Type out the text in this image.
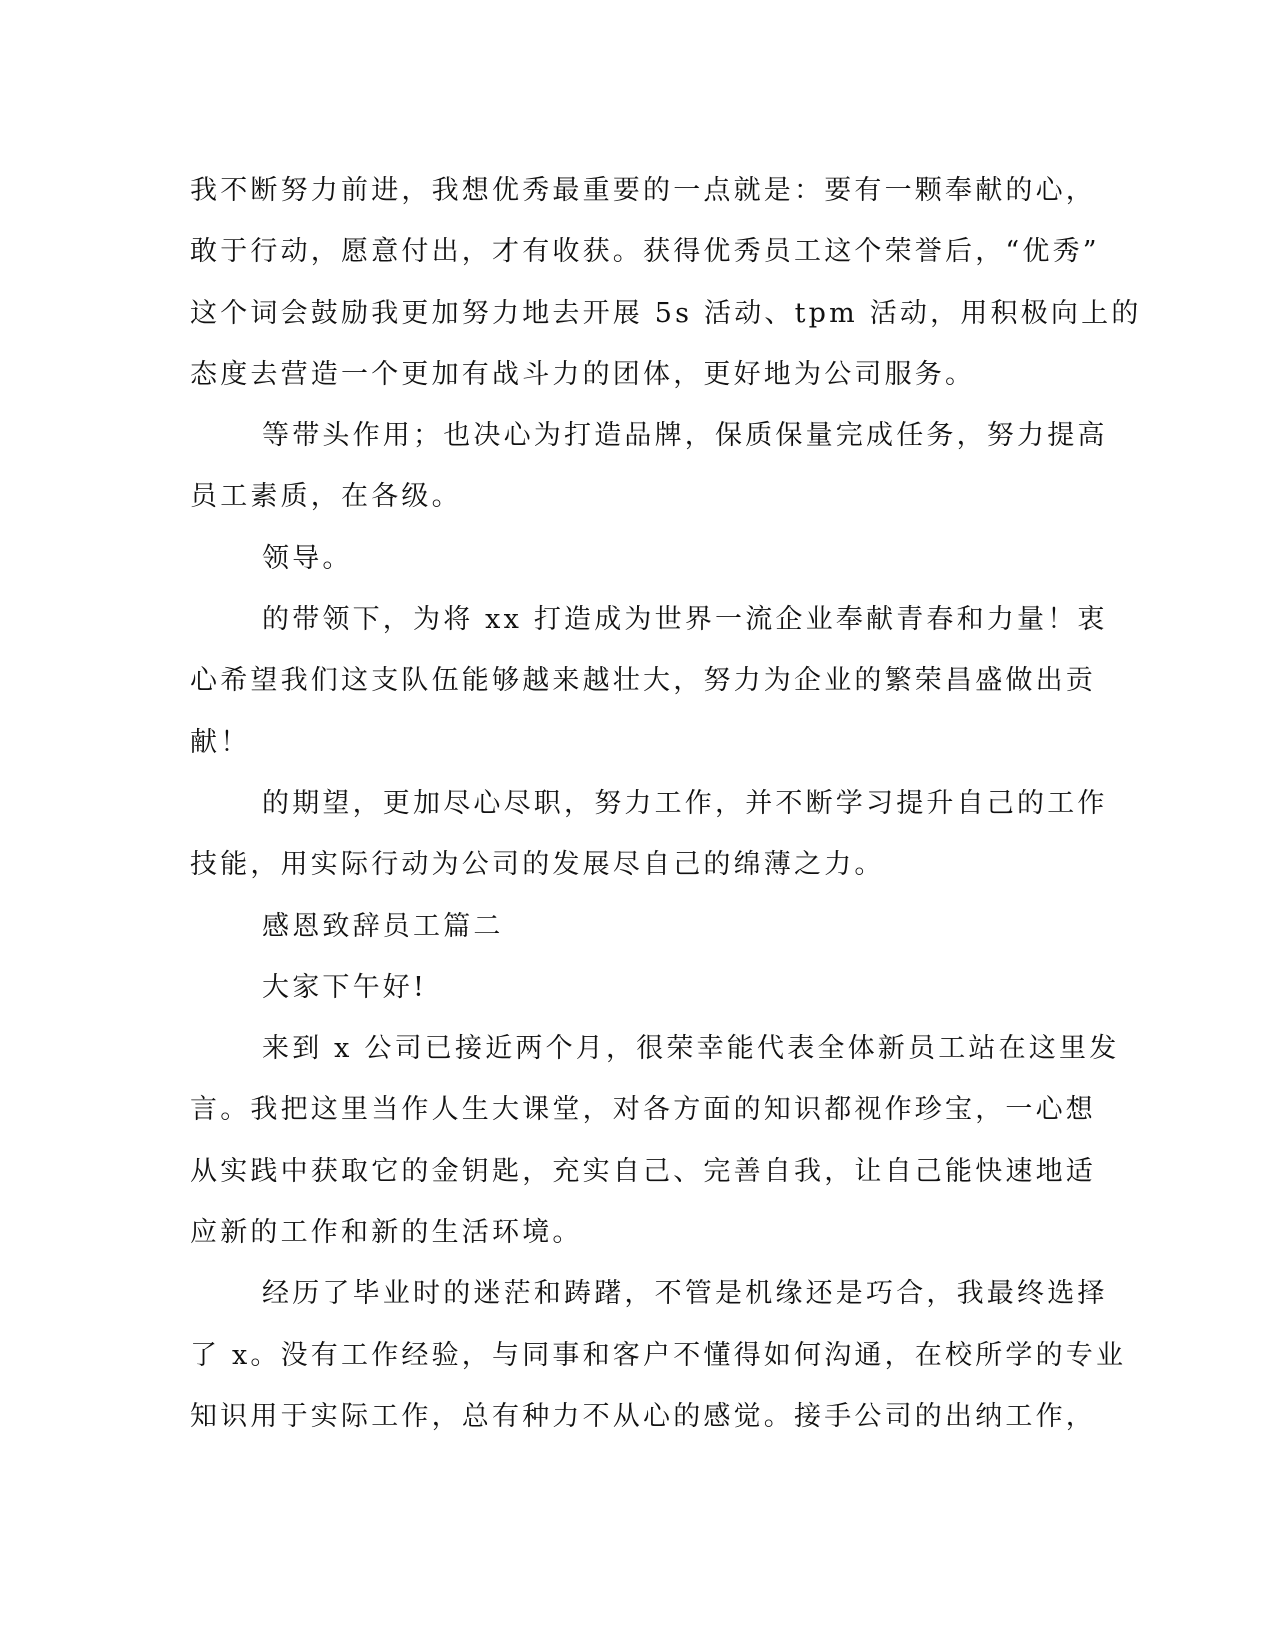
我不断努力前进，我想优秀最重要的一点就是：要有一颗奉献的心，
敢于行动，愿意付出，才有收获。获得优秀员工这个荣誉后，“优秀”
这个词会鼓励我更加努力地去开展 5s 活动、tpm 活动，用积极向上的
态度去营造一个更加有战斗力的团体，更好地为公司服务。
等带头作用；也决心为打造品牌，保质保量完成任务，努力提高
员工素质，在各级。
领导。
的带领下，为将 xx 打造成为世界一流企业奉献青春和力量！衷
心希望我们这支队伍能够越来越壮大，努力为企业的繁荣昌盛做出贡
献！
的期望，更加尽心尽职，努力工作，并不断学习提升自己的工作
技能，用实际行动为公司的发展尽自己的绵薄之力。
感恩致辞员工篇二
大家下午好!
来到 x 公司已接近两个月，很荣幸能代表全体新员工站在这里发
言。我把这里当作人生大课堂，对各方面的知识都视作珍宝，一心想
从实践中获取它的金钥匙，充实自己、完善自我，让自己能快速地适
应新的工作和新的生活环境。
经历了毕业时的迷茫和踌躇，不管是机缘还是巧合，我最终选择
了 x。没有工作经验，与同事和客户不懂得如何沟通，在校所学的专业
知识用于实际工作，总有种力不从心的感觉。接手公司的出纳工作，
